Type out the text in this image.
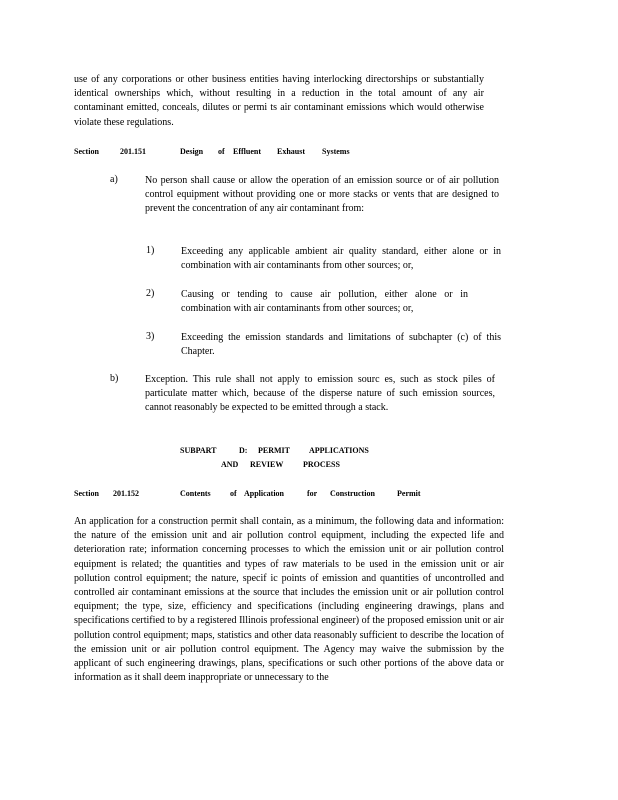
use of any corporations or other business entities having interlocking directorships or substantially identical ownerships which, without resulting in a reduction in the total amount of any air contaminant emitted, conceals, dilutes or permi ts air contaminant emissions which would otherwise violate these regulations.

Section	201.151	Design of Effluent Exhaust Systems
a)	No person shall cause or allow the operation of an emission source or of air pollution control equipment without providing one or more stacks or vents that are designed to prevent the concentration of any air contaminant from:

1)	Exceeding any applicable ambient air quality standard, either alone or in combination with air contaminants from other sources; or,

2)	Causing or tending to cause air pollution, either alone or in combination with air contaminants from other sources; or,

3)	Exceeding the emission standards and limitations of subchapter (c) of this Chapter.

b)	Exception. This rule shall not apply to emission sourc es, such as stock piles of particulate matter which, because of the disperse nature of such emission sources, cannot reasonably be expected to be emitted through a stack.

SUBPART	D: PERMIT APPLICATIONS
AND REVIEW PROCESS
Section 201.152	Contents of Application	for Construction	Permit

An application for a construction permit shall contain, as a minimum, the following data and information: the nature of the emission unit and air pollution control equipment, including the expected life and deterioration rate; information concerning processes to which the emission unit or air pollution control equipment is related; the quantities and types of raw materials to be used in the emission unit or air pollution control equipment; the nature, specif ic points of emission and quantities of uncontrolled and controlled air contaminant emissions at the source that includes the emission unit or air pollution control equipment; the type, size, efficiency and specifications (including engineering drawings, plans and specifications certified to by a registered Illinois professional engineer) of the proposed emission unit or air pollution control equipment; maps, statistics and other data reasonably sufficient to describe the location of the emission unit or air pollution control equipment. The Agency may waive the submission by the applicant of such engineering drawings, plans, specifications or such other portions of the above data or information as it shall deem inappropriate or unnecessary to the
